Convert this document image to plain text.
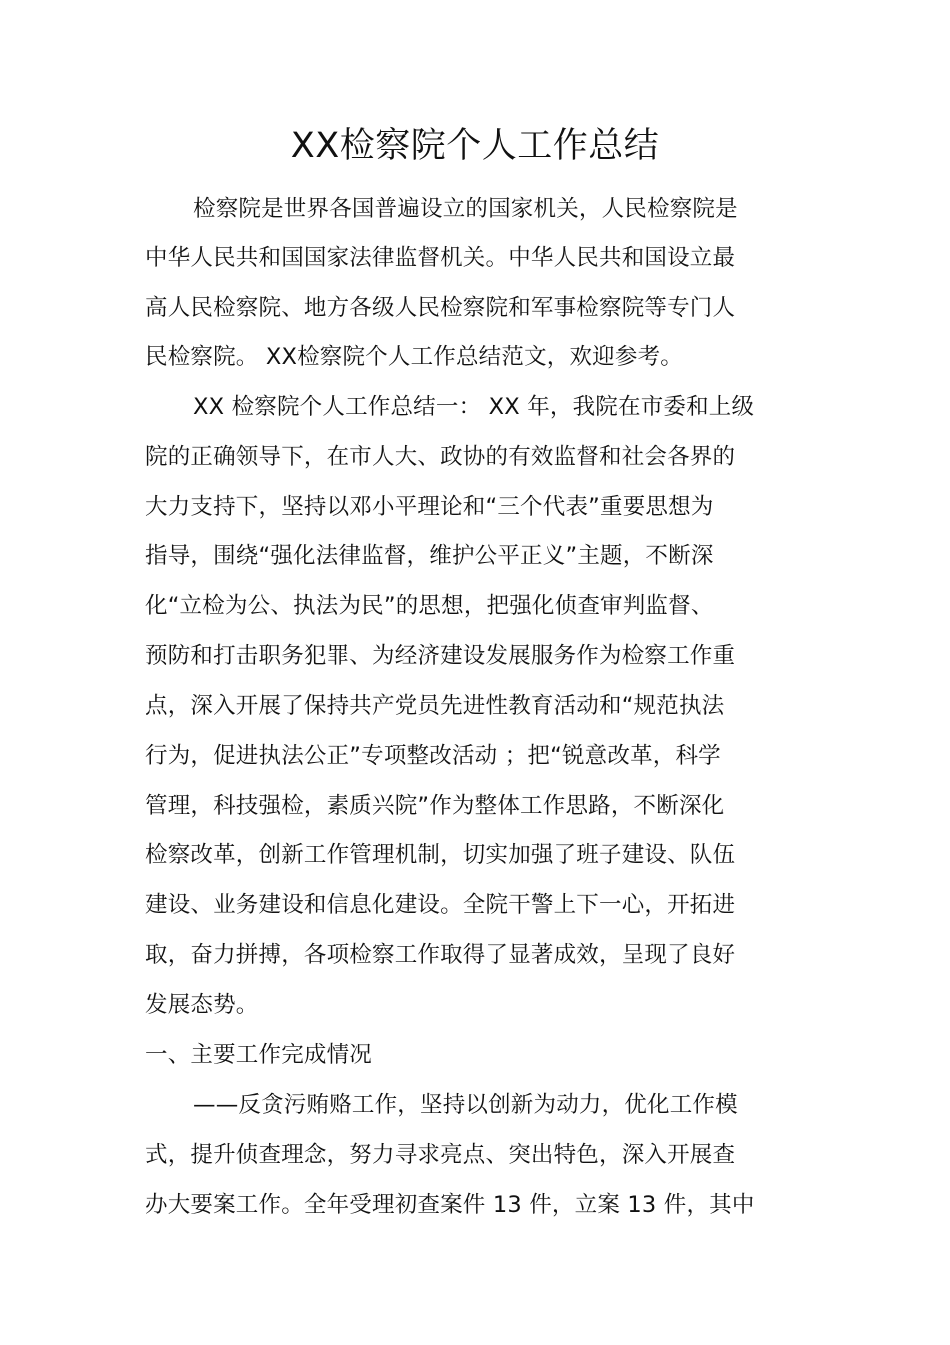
XX检察院个人工作总结
检察院是世界各国普遍设立的国家机关，人民检察院是
中华人民共和国国家法律监督机关。中华人民共和国设立最
高人民检察院、地方各级人民检察院和军事检察院等专门人
民检察院。 XX检察院个人工作总结范文，欢迎参考。
XX 检察院个人工作总结一： XX 年，我院在市委和上级
院的正确领导下，在市人大、政协的有效监督和社会各界的
大力支持下，坚持以邓小平理论和“三个代表”重要思想为
指导，围绕“强化法律监督，维护公平正义”主题，不断深
化“立检为公、执法为民”的思想，把强化侦查审判监督、
预防和打击职务犯罪、为经济建设发展服务作为检察工作重
点，深入开展了保持共产党员先进性教育活动和“规范执法
行为，促进执法公正”专项整改活动 ；把“锐意改革，科学
管理，科技强检，素质兴院”作为整体工作思路，不断深化
检察改革，创新工作管理机制，切实加强了班子建设、队伍
建设、业务建设和信息化建设。全院干警上下一心，开拓进
取，奋力拼搏，各项检察工作取得了显著成效，呈现了良好
发展态势。
一、主要工作完成情况
——反贪污贿赂工作，坚持以创新为动力，优化工作模
式，提升侦查理念，努力寻求亮点、突出特色，深入开展查
办大要案工作。全年受理初查案件 13 件，立案 13 件，其中
